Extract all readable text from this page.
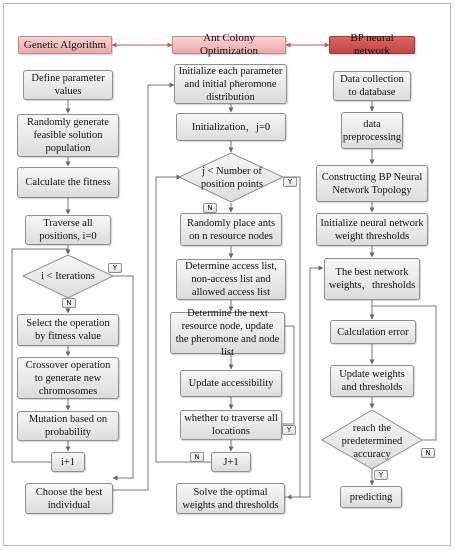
Genetic Algorithm
Ant Colony Optimization
BP neural network
Define parameter values
Randomly generate feasible solution population
Calculate the fitness
Traverse all positions, i=0
i < Iterations
Select the operation by fitness value
Crossover operation to generate new chromosomes
Mutation based on probability
i+1
Choose the best individual
Initialize each parameter and initial pheromone distribution
Initialization，j=0
j < Number of position points
Randomly place ants on n resource nodes
Determine access list, non-access list and allowed access list
Determine the next resource node, update the pheromone and node list
Update accessibility
whether to traverse all locations
J+1
Solve the optimal weights and thresholds
Data collection to database
data preprocessing
Constructing BP Neural Network Topology
Initialize neural network weight thresholds
The best network weights，thresholds
Calculation error
Update weights and thresholds
reach the predetermined accuracy
predicting
Y
N
N
Y
Y
N
Y
N
